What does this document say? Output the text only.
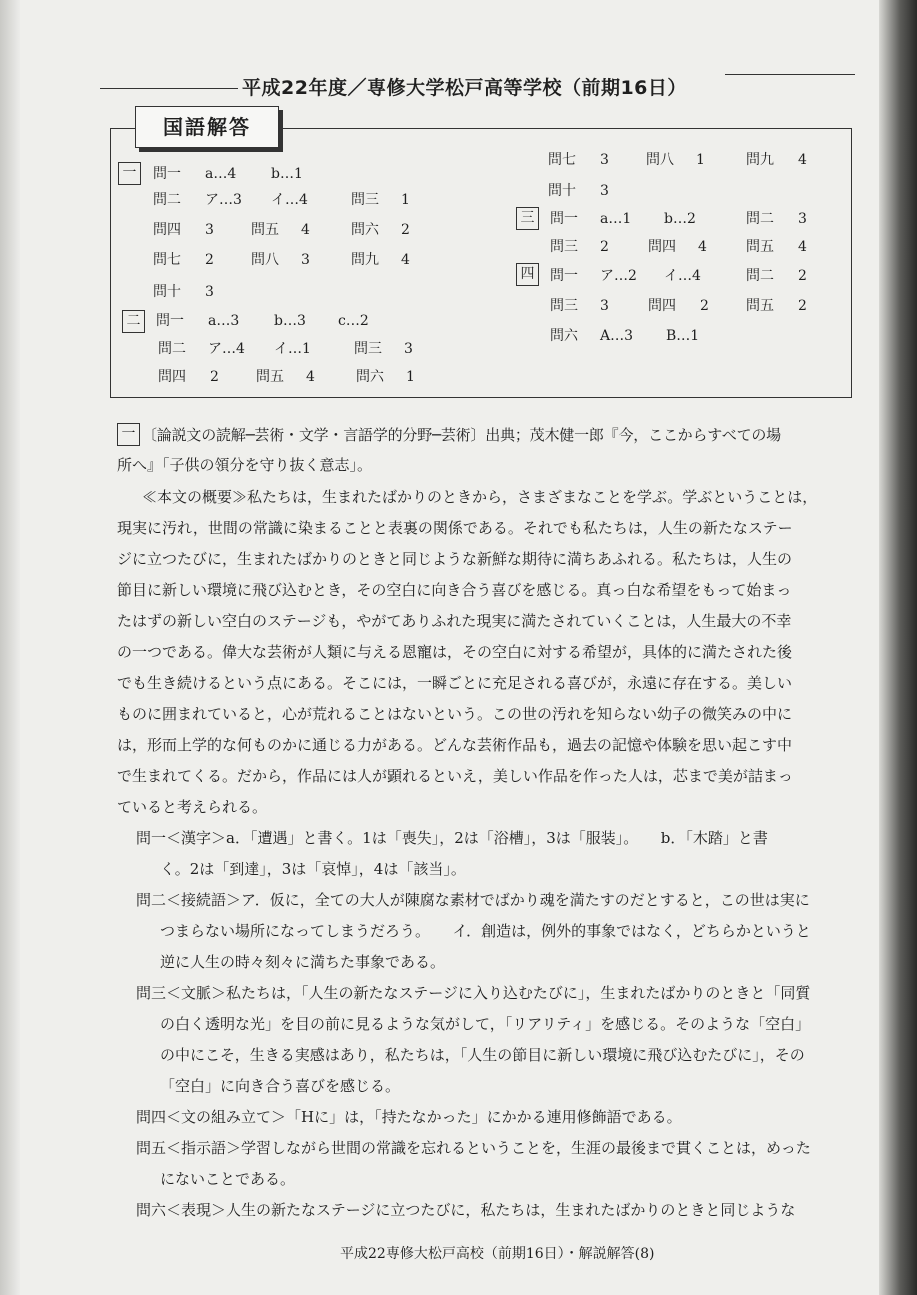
平成22年度／専修大学松戸高等学校（前期16日）
国語解答
一	問一 a…4 b…1
問二 ア…3 イ…4	問三 1
問四 3	問五 4	問六 2
問七 2	問八 3	問九 4
問十 3
二	問一 a…3 b…3 c…2
問二 ア…4 イ…1	問三 3
問四 2	問五 4	問六 1
問七 3	問八 1	問九 4
問十 3
三	問一 a…1 b…2	問二 3
問三 2	問四 4	問五 4
四	問一 ア…2 イ…4	問二 2
問三 3	問四 2	問五 2
問六 A…3 B…1
一 〔論説文の読解─芸術・文学・言語学的分野─芸術〕出典；茂木健一郎『今，ここからすべての場
所へ』「子供の領分を守り抜く意志」。
≪本文の概要≫私たちは，生まれたばかりのときから，さまざまなことを学ぶ。学ぶということは，
現実に汚れ，世間の常識に染まることと表裏の関係である。それでも私たちは，人生の新たなステー
ジに立つたびに，生まれたばかりのときと同じような新鮮な期待に満ちあふれる。私たちは，人生の
節目に新しい環境に飛び込むとき，その空白に向き合う喜びを感じる。真っ白な希望をもって始まっ
たはずの新しい空白のステージも，やがてありふれた現実に満たされていくことは，人生最大の不幸
の一つである。偉大な芸術が人類に与える恩寵は，その空白に対する希望が，具体的に満たされた後
でも生き続けるという点にある。そこには，一瞬ごとに充足される喜びが，永遠に存在する。美しい
ものに囲まれていると，心が荒れることはないという。この世の汚れを知らない幼子の微笑みの中に
は，形而上学的な何ものかに通じる力がある。どんな芸術作品も，過去の記憶や体験を思い起こす中
で生まれてくる。だから，作品には人が顕れるといえ，美しい作品を作った人は，芯まで美が詰まっ
ていると考えられる。
問一＜漢字＞a．「遭遇」と書く。1は「喪失」，2は「浴槽」，3は「服装」。　　b．「木踏」と書
く。2は「到達」，3は「哀悼」，4は「該当」。
問二＜接続語＞ア．仮に，全ての大人が陳腐な素材でばかり魂を満たすのだとすると，この世は実に
つまらない場所になってしまうだろう。　　イ．創造は，例外的事象ではなく，どちらかというと
逆に人生の時々刻々に満ちた事象である。
問三＜文脈＞私たちは，「人生の新たなステージに入り込むたびに」，生まれたばかりのときと「同質
の白く透明な光」を目の前に見るような気がして，「リアリティ」を感じる。そのような「空白」
の中にこそ，生きる実感はあり，私たちは，「人生の節目に新しい環境に飛び込むたびに」，その
「空白」に向き合う喜びを感じる。
問四＜文の組み立て＞「Hに」は，「持たなかった」にかかる連用修飾語である。
問五＜指示語＞学習しながら世間の常識を忘れるということを，生涯の最後まで貫くことは，めった
にないことである。
問六＜表現＞人生の新たなステージに立つたびに，私たちは，生まれたばかりのときと同じような
平成22専修大松戸高校（前期16日）・解説解答(8)
